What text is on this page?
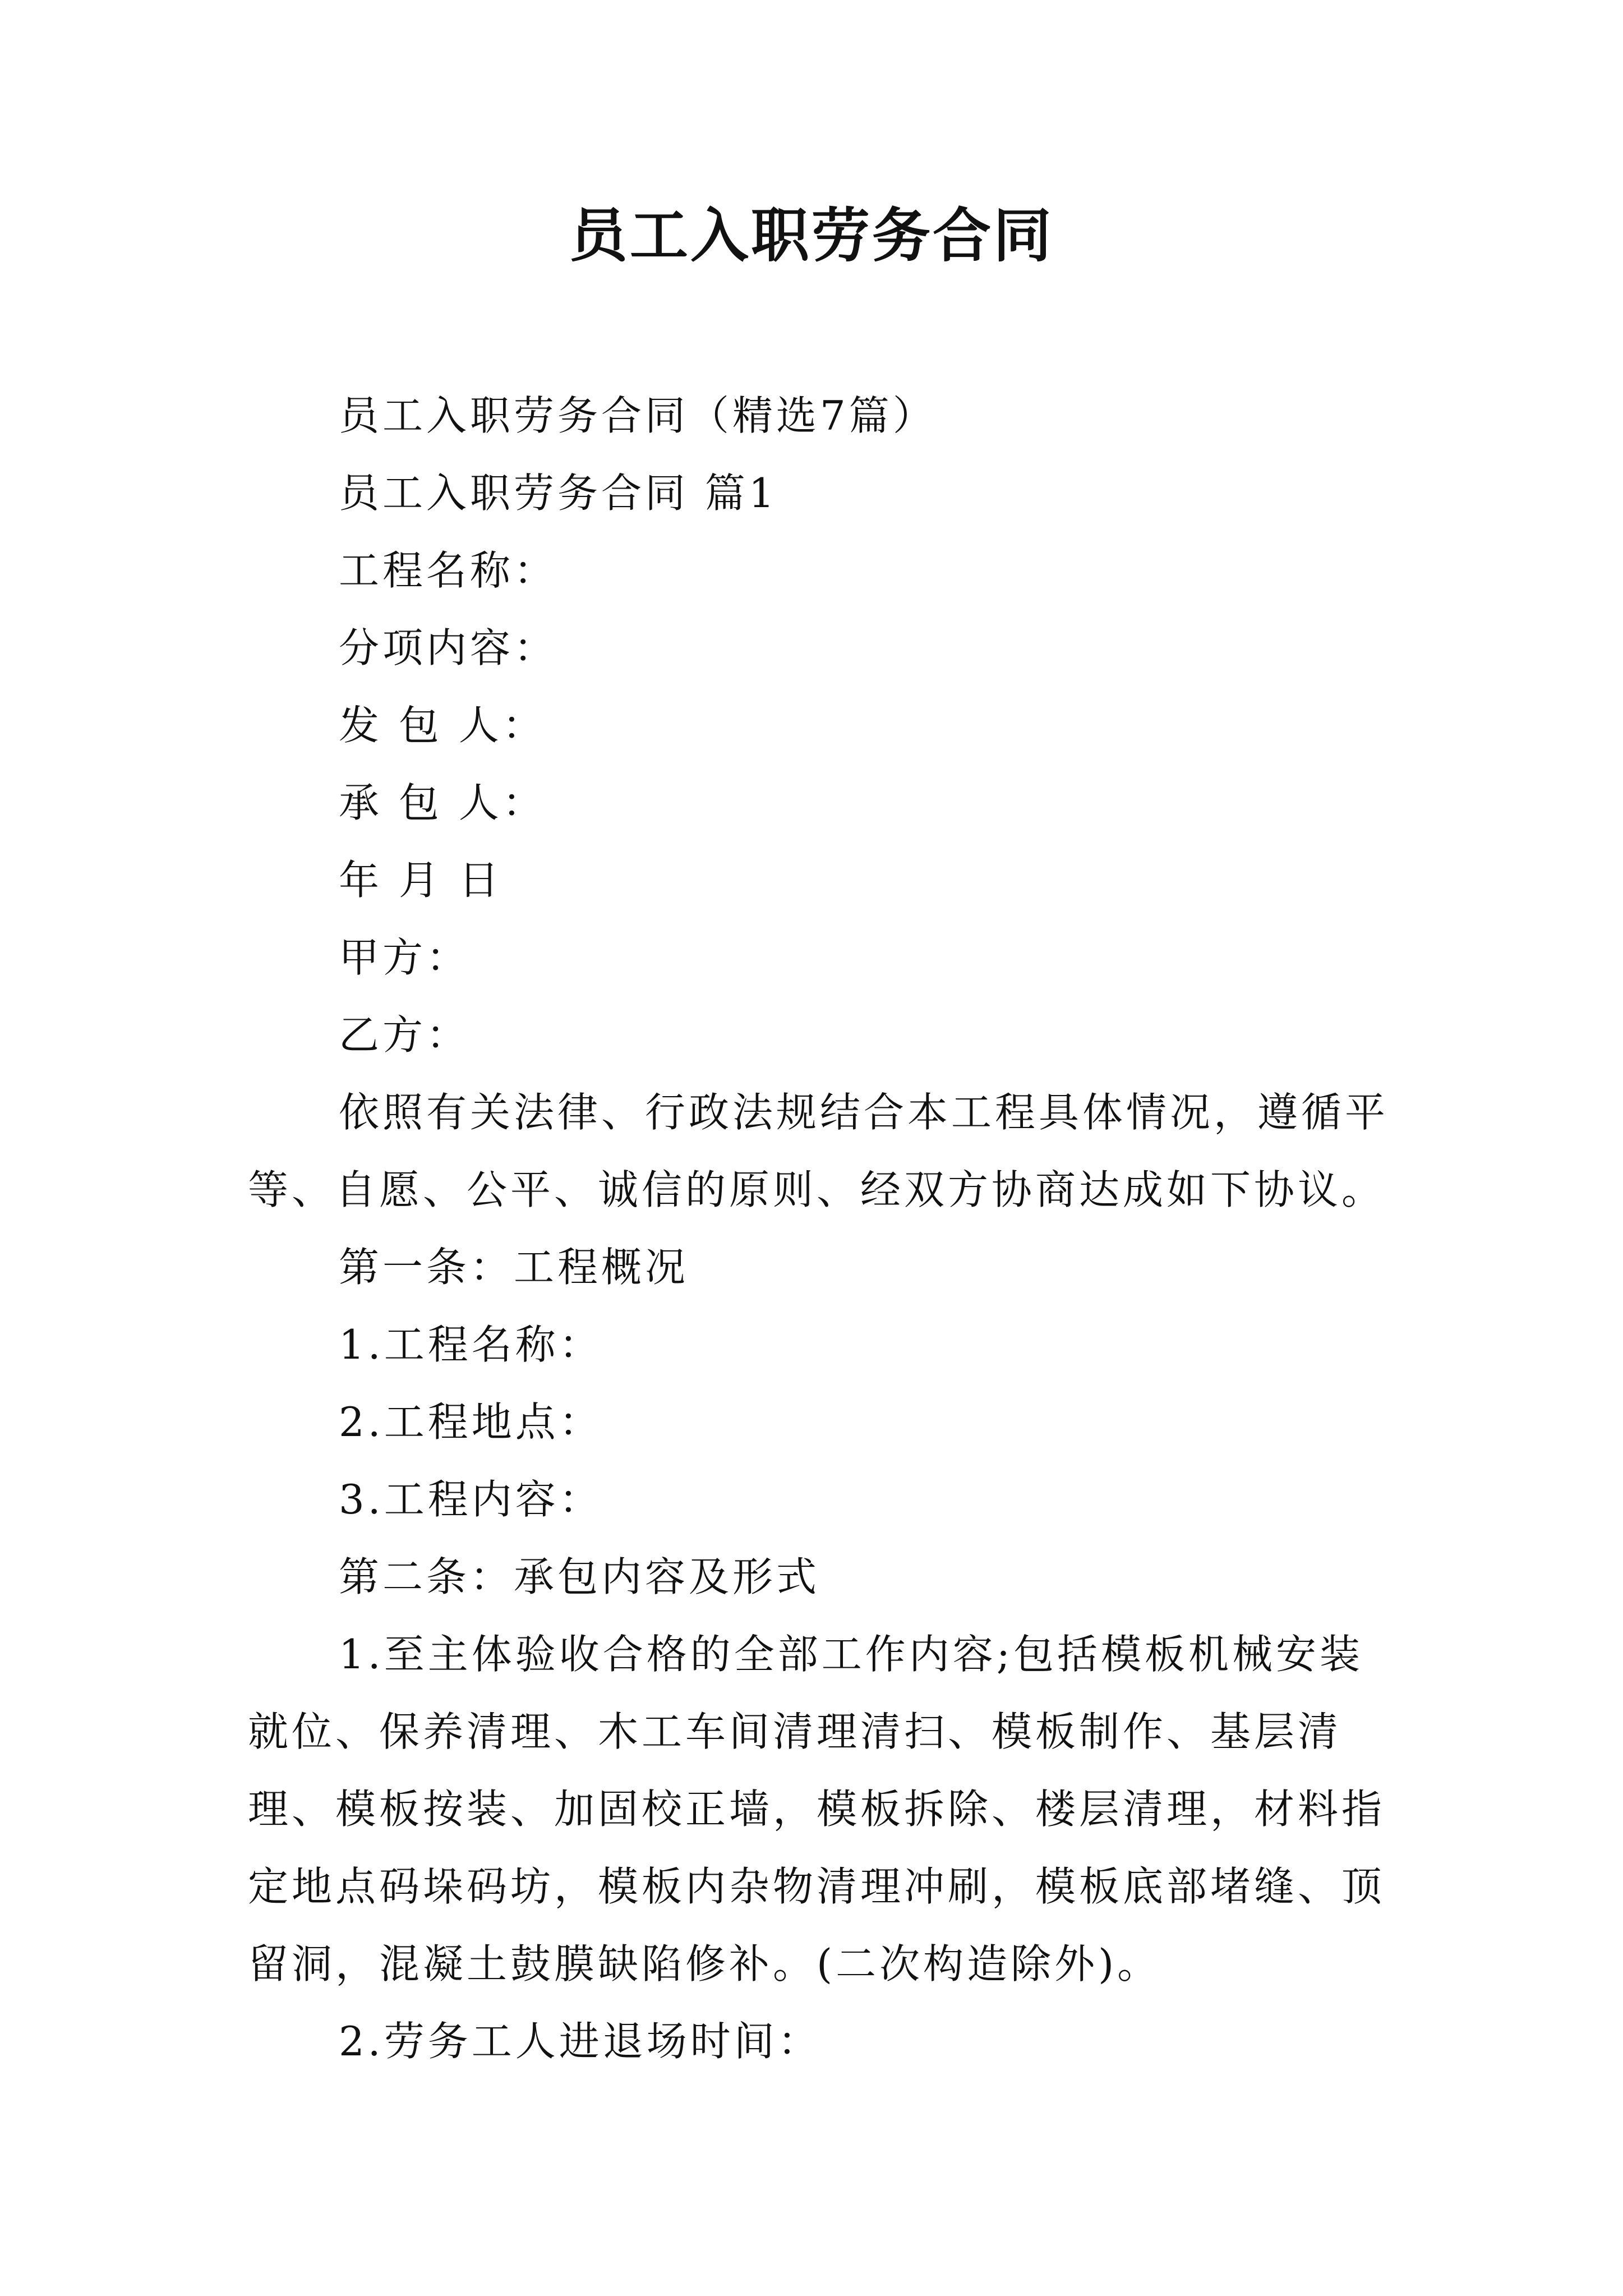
员工入职劳务合同

员工入职劳务合同（精选7篇）

员工入职劳务合同 篇1

工程名称：

分项内容：

发 包 人：

承 包 人：

年 月 日

甲方：

乙方：

依照有关法律、行政法规结合本工程具体情况，遵循平等、自愿、公平、诚信的原则、经双方协商达成如下协议。

第一条：工程概况

1.工程名称：

2.工程地点：

3.工程内容：

第二条：承包内容及形式

1.至主体验收合格的全部工作内容;包括模板机械安装就位、保养清理、木工车间清理清扫、模板制作、基层清理、模板按装、加固校正墙，模板拆除、楼层清理，材料指定地点码垛码坊，模板内杂物清理冲刷，模板底部堵缝、顶留洞，混凝土鼓膜缺陷修补。(二次构造除外)。

2.劳务工人进退场时间：
